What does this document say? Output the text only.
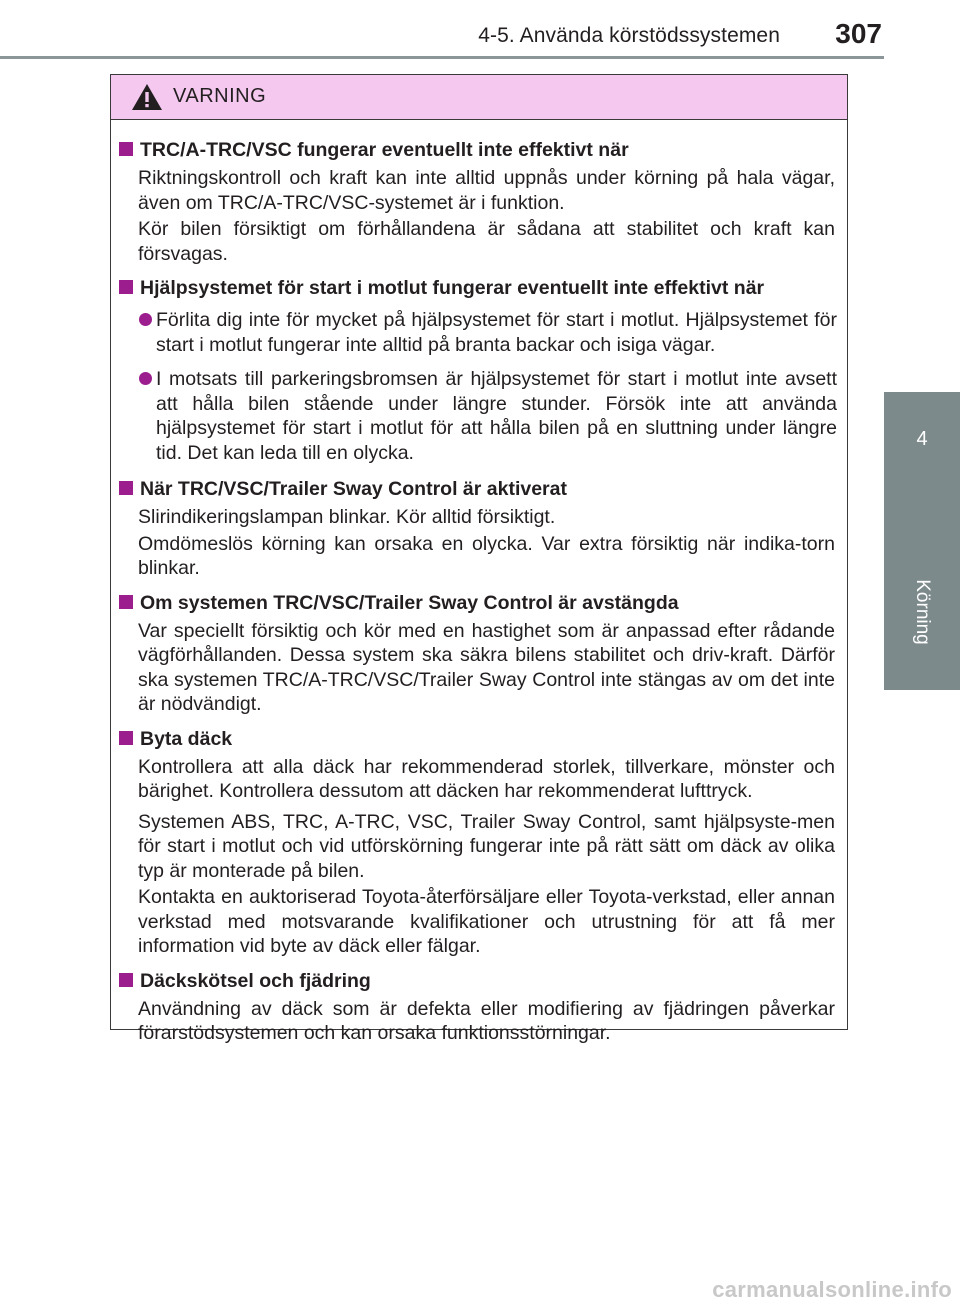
4-5. Använda körstödssystemen 307
4
Körning
VARNING
TRC/A-TRC/VSC fungerar eventuellt inte effektivt när

Riktningskontroll och kraft kan inte alltid uppnås under körning på hala vägar, även om TRC/A-TRC/VSC-systemet är i funktion.

Kör bilen försiktigt om förhållandena är sådana att stabilitet och kraft kan försvagas.

Hjälpsystemet för start i motlut fungerar eventuellt inte effektivt när
Förlita dig inte för mycket på hjälpsystemet för start i motlut. Hjälpsystemet för start i motlut fungerar inte alltid på branta backar och isiga vägar.
I motsats till parkeringsbromsen är hjälpsystemet för start i motlut inte avsett att hålla bilen stående under längre stunder. Försök inte att använda hjälpsystemet för start i motlut för att hålla bilen på en sluttning under längre tid. Det kan leda till en olycka.
När TRC/VSC/Trailer Sway Control är aktiverat

Slirindikeringslampan blinkar. Kör alltid försiktigt.

Omdömeslös körning kan orsaka en olycka. Var extra försiktig när indika-torn blinkar.

Om systemen TRC/VSC/Trailer Sway Control är avstängda

Var speciellt försiktig och kör med en hastighet som är anpassad efter rådande vägförhållanden. Dessa system ska säkra bilens stabilitet och driv-kraft. Därför ska systemen TRC/A-TRC/VSC/Trailer Sway Control inte stängas av om det inte är nödvändigt.

Byta däck

Kontrollera att alla däck har rekommenderad storlek, tillverkare, mönster och bärighet. Kontrollera dessutom att däcken har rekommenderat lufttryck.

Systemen ABS, TRC, A-TRC, VSC, Trailer Sway Control, samt hjälpsyste-men för start i motlut och vid utförskörning fungerar inte på rätt sätt om däck av olika typ är monterade på bilen.

Kontakta en auktoriserad Toyota-återförsäljare eller Toyota-verkstad, eller annan verkstad med motsvarande kvalifikationer och utrustning för att få mer information vid byte av däck eller fälgar.

Däckskötsel och fjädring

Användning av däck som är defekta eller modifiering av fjädringen påverkar förarstödsystemen och kan orsaka funktionsstörningar.

carmanualsonline.info
